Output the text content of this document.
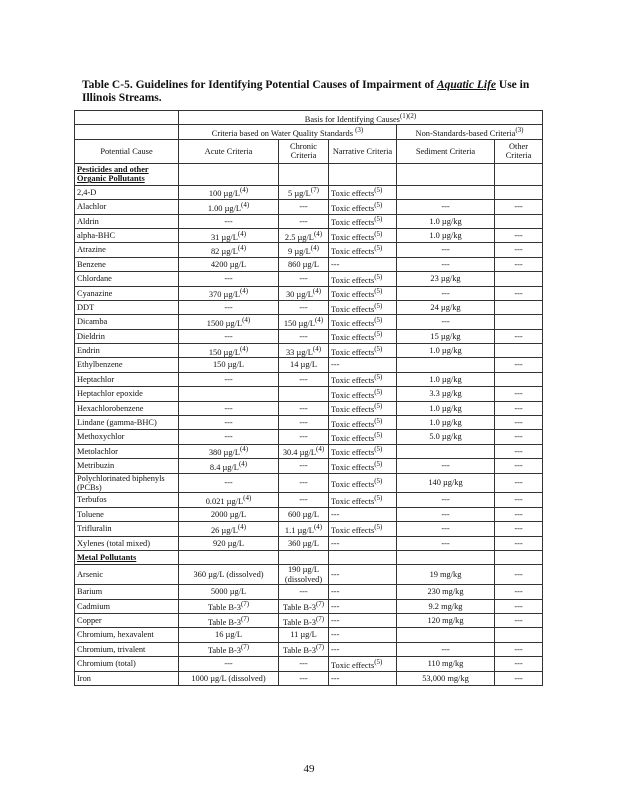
Table C-5. Guidelines for Identifying Potential Causes of Impairment of Aquatic Life Use in Illinois Streams.
	Basis for Identifying Causes$^{(1)(2)}$
	Criteria based on Water Quality Standards $^{(3)}$			Non-Standards-based Criteria$^{(3)}$
Potential Cause	Acute Criteria	Chronic Criteria	Narrative Criteria	Sediment Criteria	Other Criteria
Pesticides and other Organic Pollutants					
2,4-D	100 $\mu g/L^{(4)}$	5 $\mu g/L^{(7)}$	Toxic effects$^{(5)}$		
Alachlor	1.00 $\mu g/L^{(4)}$	---	Toxic effects$^{(5)}$	---	---
Aldrin	---	---	Toxic effects$^{(5)}$	1.0 µg/kg	
alpha-BHC	31 $\mu g/L^{(4)}$	2.5 $\mu g/L^{(4)}$	Toxic effects$^{(5)}$	1.0 µg/kg	---
Atrazine	82 $\mu g/L^{(4)}$	9 $\mu g/L^{(4)}$	Toxic effects$^{(5)}$	---	---
Benzene	4200 µg/L	860 µg/L	---	---	---
Chlordane	---	---	Toxic effects$^{(5)}$	23 µg/kg	
Cyanazine	370 $\mu g/L^{(4)}$	30 $\mu g/L^{(4)}$	Toxic effects$^{(5)}$	---	---
DDT	---	---	Toxic effects$^{(5)}$	24 µg/kg	
Dicamba	1500 $\mu g/L^{(4)}$	150 $\mu g/L^{(4)}$	Toxic effects$^{(5)}$	---	
Dieldrin	---	---	Toxic effects$^{(5)}$	15 µg/kg	---
Endrin	150 $\mu g/L^{(4)}$	33 $\mu g/L^{(4)}$	Toxic effects$^{(5)}$	1.0 µg/kg	
Ethylbenzene	150 µg/L	14 µg/L	---		---
Heptachlor	---	---	Toxic effects$^{(5)}$	1.0 µg/kg	
Heptachlor epoxide			Toxic effects$^{(5)}$	3.3 µg/kg	---
Hexachlorobenzene	---	---	Toxic effects$^{(5)}$	1.0 µg/kg	---
Lindane (gamma-BHC)	---	---	Toxic effects$^{(5)}$	1.0 µg/kg	---
Methoxychlor	---	---	Toxic effects$^{(5)}$	5.0 µg/kg	---
Metolachlor	380 $\mu g/L^{(4)}$	30.4 $\mu g/L^{(4)}$	Toxic effects$^{(5)}$		---
Metribuzin	8.4 $\mu g/L^{(4)}$	---	Toxic effects$^{(5)}$	---	---
Polychlorinated biphenyls (PCBs)	---	---	Toxic effects$^{(5)}$	140 µg/kg	---
Terbufos	0.021 $\mu g/L^{(4)}$	---	Toxic effects$^{(5)}$	---	---
Toluene	2000 µg/L	600 µg/L	---	---	---
Trifluralin	26 $\mu g/L^{(4)}$	1.1 $\mu g/L^{(4)}$	Toxic effects$^{(5)}$	---	---
Xylenes (total mixed)	920 µg/L	360 µg/L	---	---	---
Metal Pollutants					
Arsenic	360 µg/L (dissolved)	190 µg/L (dissolved)	---	19 mg/kg	---
Barium	5000 µg/L	---	---	230 mg/kg	---
Cadmium	Table B-3$^{(7)}$	Table B-3$^{(7)}$	---	9.2 mg/kg	---
Copper	Table B-3$^{(7)}$	Table B-3$^{(7)}$	---	120 mg/kg	---
Chromium, hexavalent	16 µg/L	11 µg/L	---		
Chromium, trivalent	Table B-3$^{(7)}$	Table B-3$^{(7)}$	---	---	---
Chromium (total)	---	---	Toxic effects$^{(5)}$	110 mg/kg	---
Iron	1000 µg/L (dissolved)	---	---	53,000 mg/kg	---
49
